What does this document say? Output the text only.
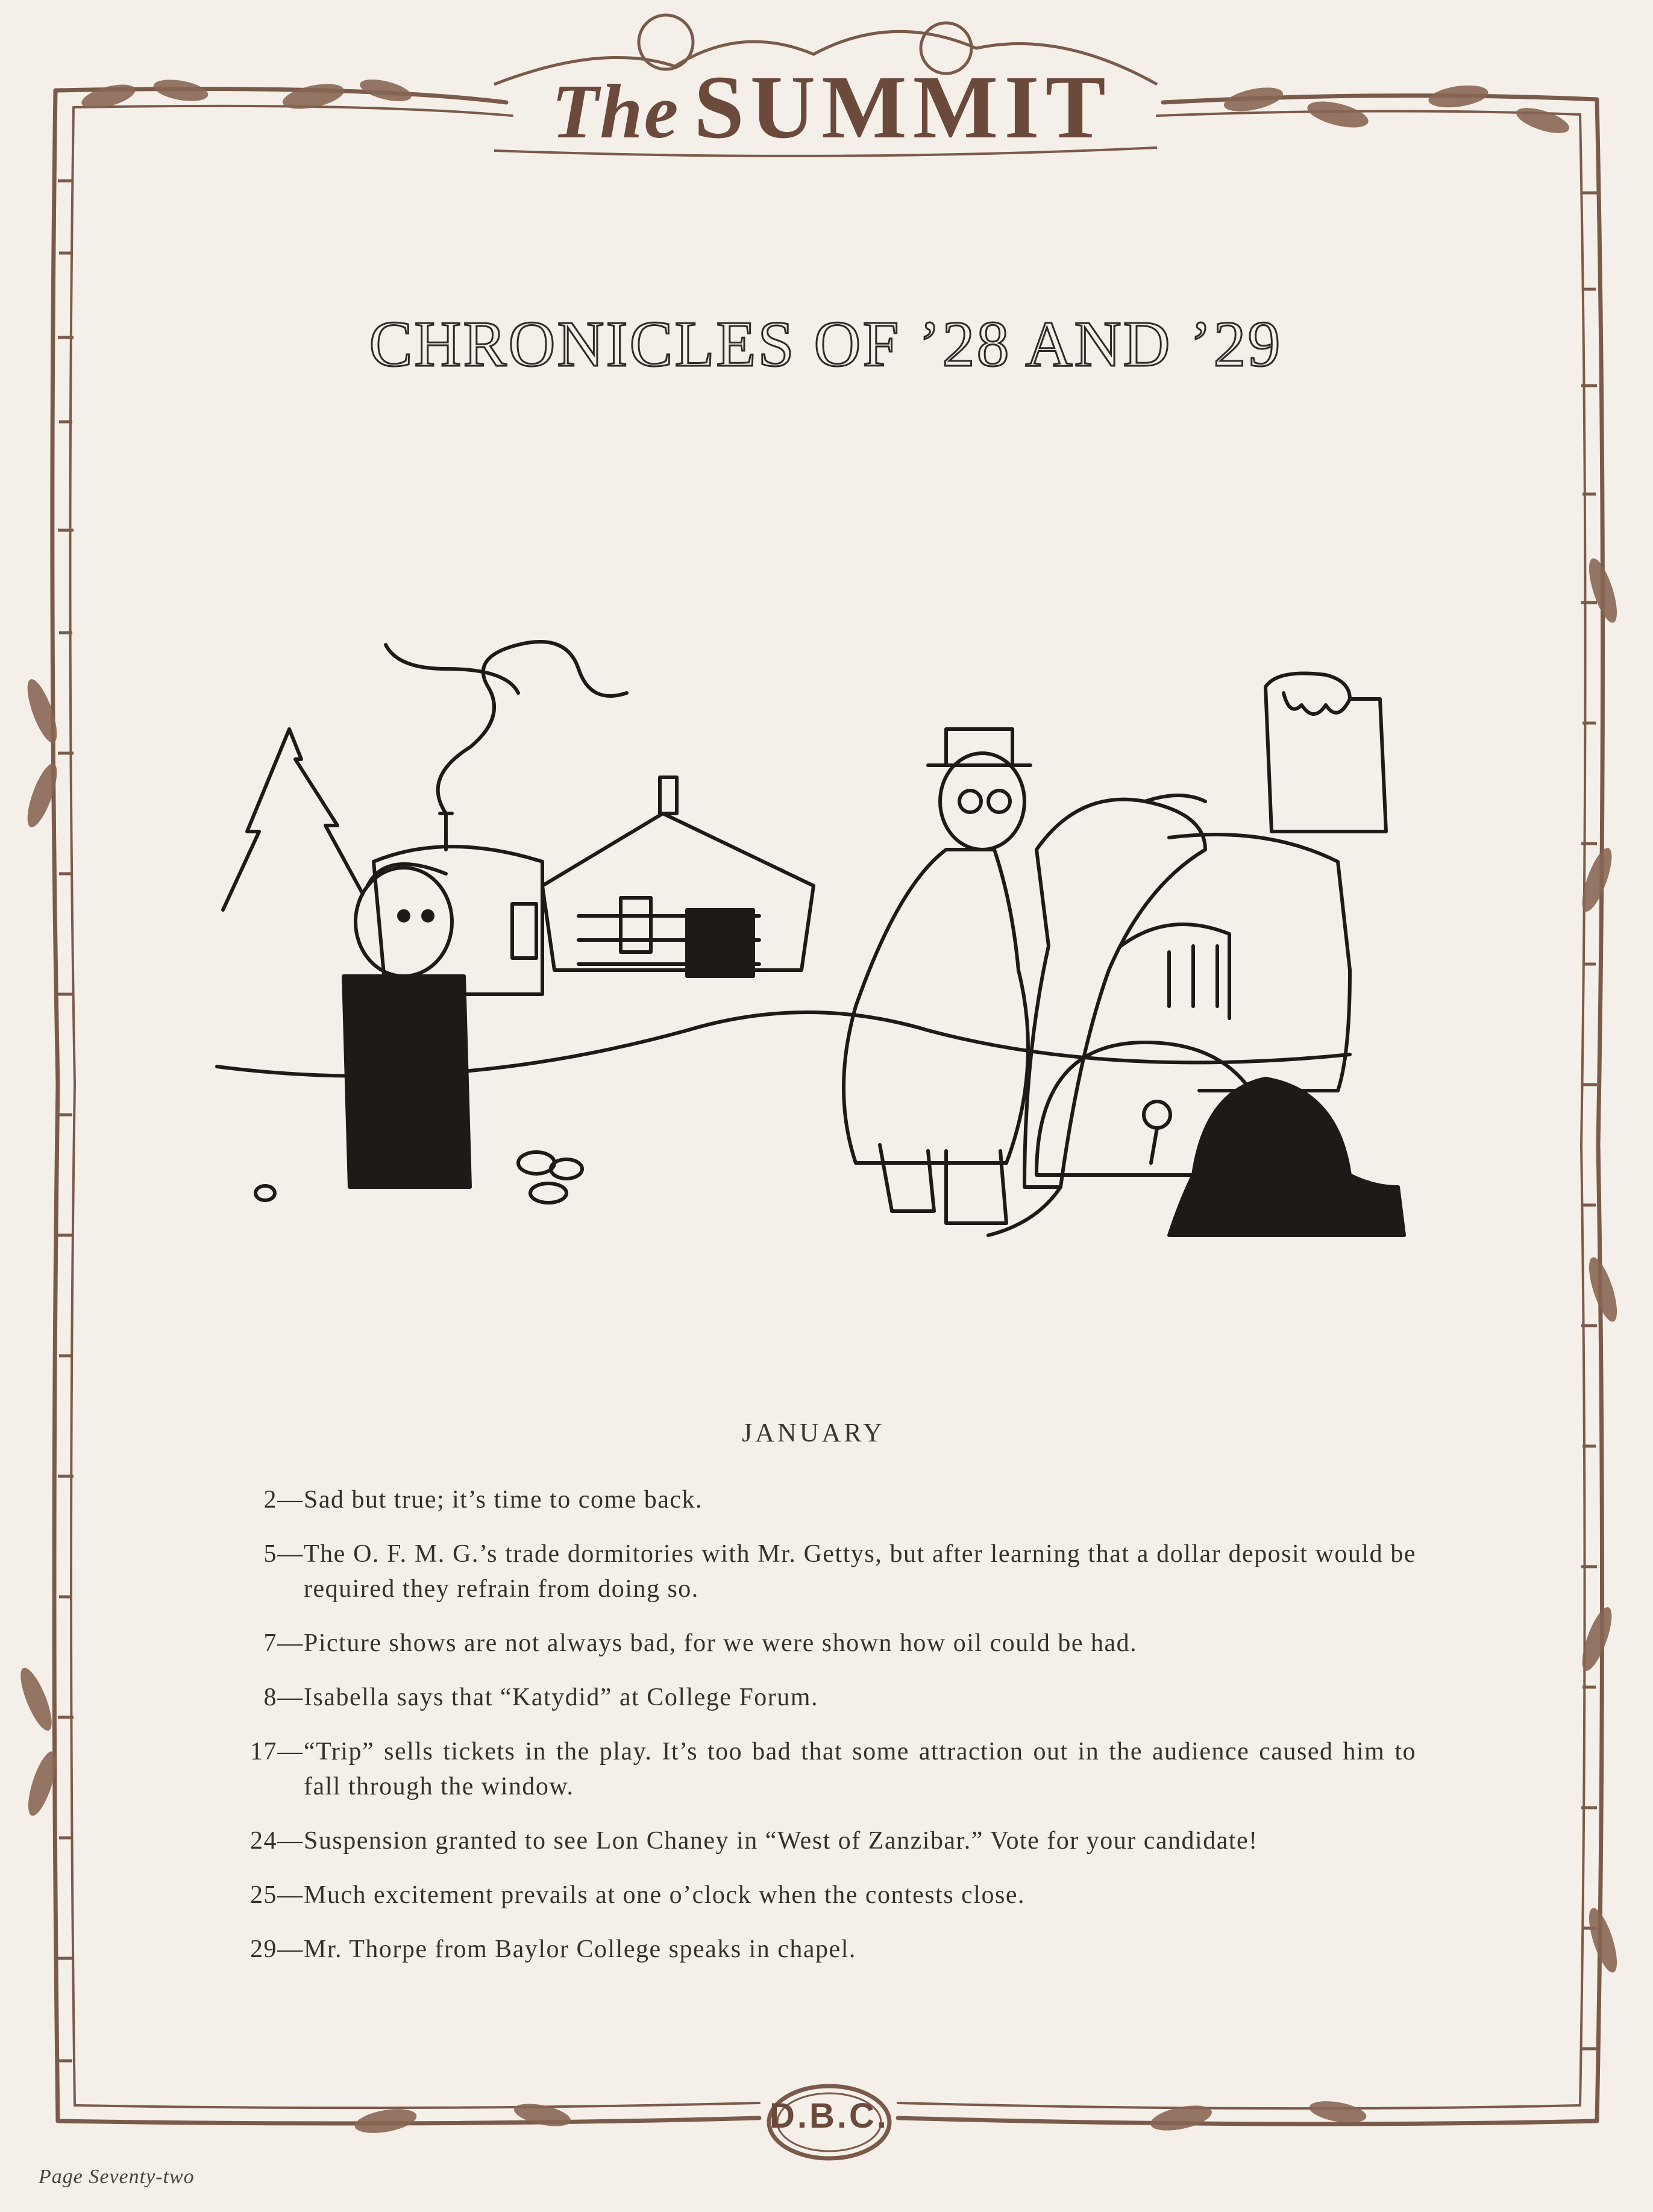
The SUMMIT
CHRONICLES OF ’28 AND ’29
JANUARY
2 — Sad but true; it’s time to come back.
5 — The O. F. M. G.’s trade dormitories with Mr. Gettys, but after learning that a dollar deposit would be required they refrain from doing so.
7 — Picture shows are not always bad, for we were shown how oil could be had.
8 — Isabella says that “Katydid” at College Forum.
17 — “Trip” sells tickets in the play. It’s too bad that some attraction out in the audience caused him to fall through the window.
24 — Suspension granted to see Lon Chaney in “West of Zanzibar.” Vote for your candidate!
25 — Much excitement prevails at one o’clock when the contests close.
29 — Mr. Thorpe from Baylor College speaks in chapel.
D.B.C.
Page Seventy-two
